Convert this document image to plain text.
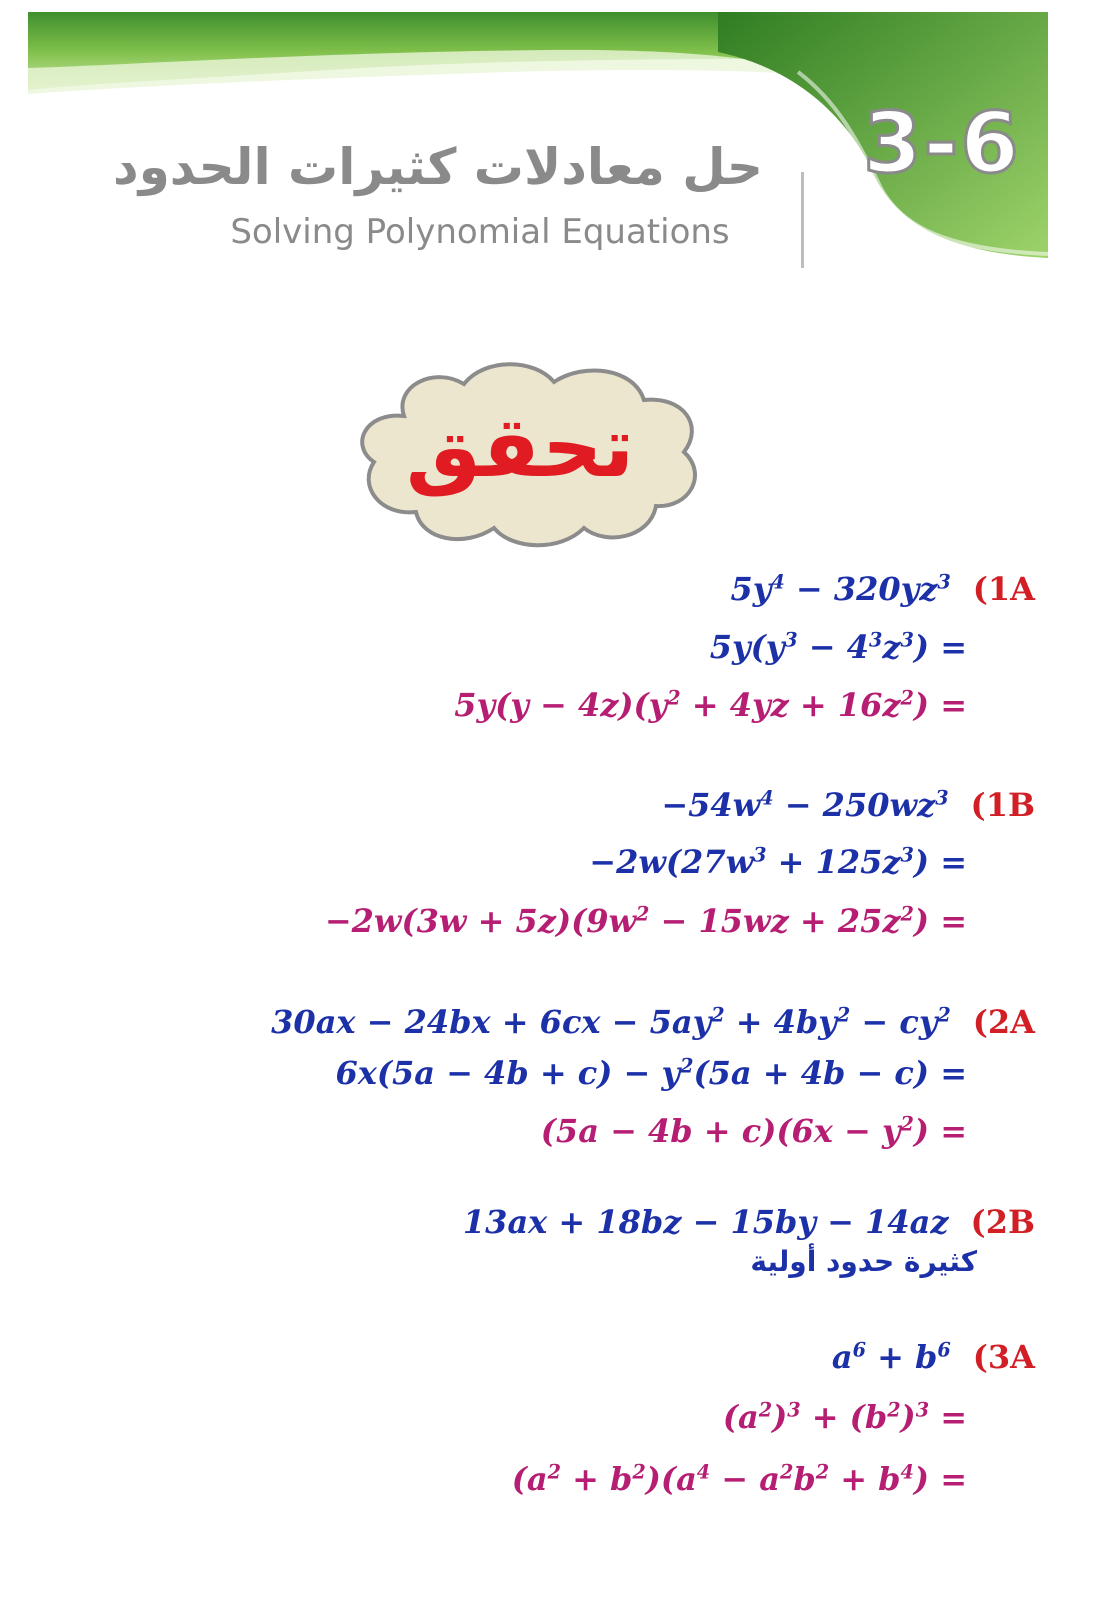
3-6
حل معادلات كثيرات الحدود
Solving Polynomial Equations
تحقق
$5y^4 - 320yz^3$ (1A
$5y(y^3 - 4^3z^3)$ =
$5y(y - 4z)(y^2 + 4yz + 16z^2)$ =
$-54w^4 - 250wz^3$ (1B
$-2w(27w^3 + 125z^3)$ =
$-2w(3w + 5z)(9w^2 - 15wz + 25z^2)$ =
$30ax - 24bx + 6cx - 5ay^2 + 4by^2 - cy^2$ (2A
$6x(5a - 4b + c) - y^2(5a + 4b - c)$ =
$(5a - 4b + c)(6x - y^2)$ =
13ax + 18bz − 15by − 14az (2B
كثيرة حدود أولية
$a^6 + b^6$ (3A
$(a^2)^3 + (b^2)^3$ =
$(a^2 + b^2)(a^4 - a^2b^2 + b^4)$ =
